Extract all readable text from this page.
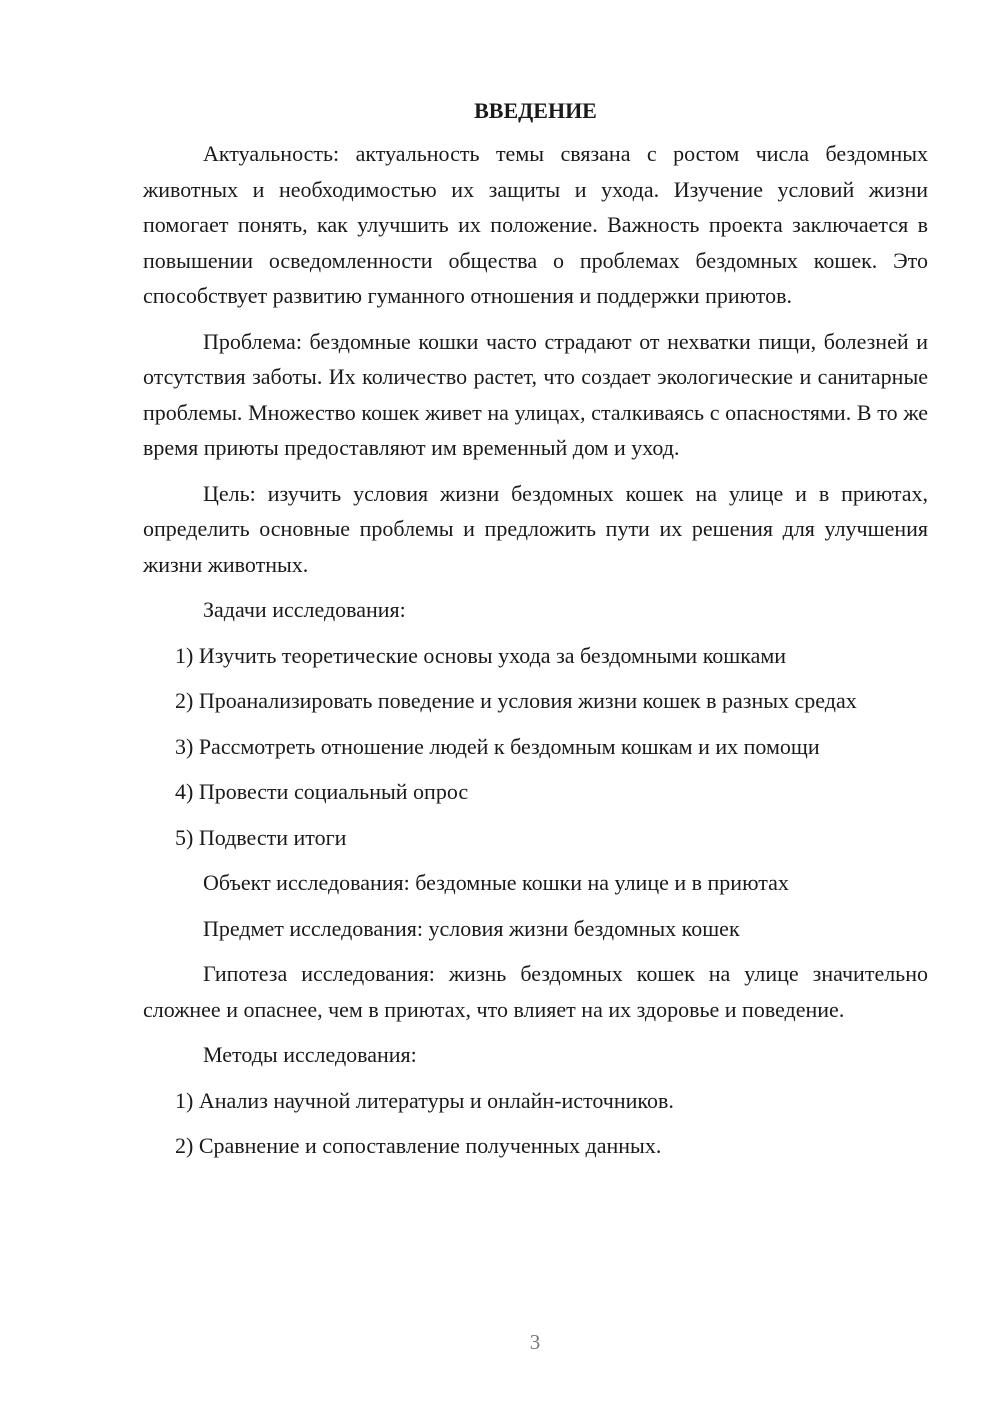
ВВЕДЕНИЕ

Актуальность: актуальность темы связана с ростом числа бездомных животных и необходимостью их защиты и ухода. Изучение условий жизни помогает понять, как улучшить их положение. Важность проекта заключается в повышении осведомленности общества о проблемах бездомных кошек. Это способствует развитию гуманного отношения и поддержки приютов.

Проблема: бездомные кошки часто страдают от нехватки пищи, болезней и отсутствия заботы. Их количество растет, что создает экологические и санитарные проблемы. Множество кошек живет на улицах, сталкиваясь с опасностями. В то же время приюты предоставляют им временный дом и уход.

Цель: изучить условия жизни бездомных кошек на улице и в приютах, определить основные проблемы и предложить пути их решения для улучшения жизни животных.

Задачи исследования:

1) Изучить теоретические основы ухода за бездомными кошками

2) Проанализировать поведение и условия жизни кошек в разных средах

3) Рассмотреть отношение людей к бездомным кошкам и их помощи

4) Провести социальный опрос

5) Подвести итоги

Объект исследования: бездомные кошки на улице и в приютах

Предмет исследования: условия жизни бездомных кошек

Гипотеза исследования: жизнь бездомных кошек на улице значительно сложнее и опаснее, чем в приютах, что влияет на их здоровье и поведение.

Методы исследования:

1) Анализ научной литературы и онлайн-источников.

2) Сравнение и сопоставление полученных данных.

3
